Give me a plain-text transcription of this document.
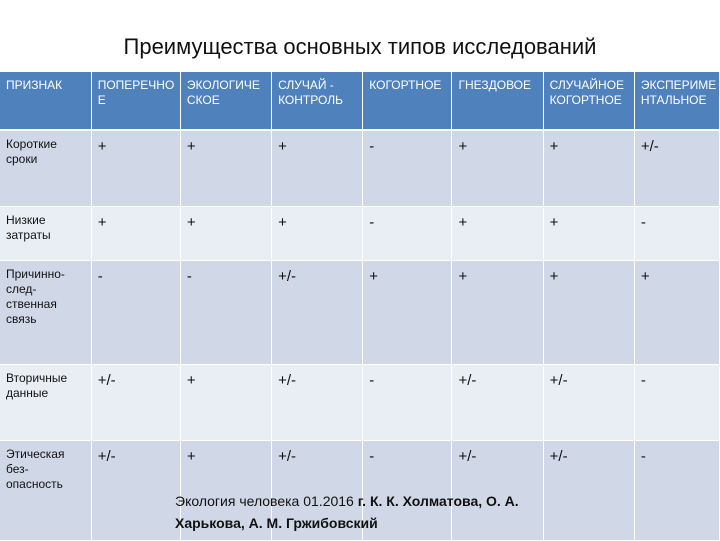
Преимущества основных типов исследований
ПРИЗНАК	ПОПЕРЕЧНО Е	ЭКОЛОГИЧЕ СКОЕ	СЛУЧАЙ - КОНТРОЛЬ	КОГОРТНОЕ	ГНЕЗДОВОЕ	СЛУЧАЙНОЕ КОГОРТНОЕ	ЭКСПЕРИМЕ НТАЛЬНОЕ
Короткие сроки	+	+	+	-	+	+	+/-
Низкие затраты	+	+	+	-	+	+	-
Причинно-след-ственная связь	-	-	+/-	+	+	+	+
Вторичные данные	+/-	+	+/-	-	+/-	+/-	-
Этическая без-опасность	+/-	+	+/-	-	+/-	+/-	-
Экология человека 01.2016 г. К. К. Холматова, О. А.
Харькова, А. М. Гржибовский
